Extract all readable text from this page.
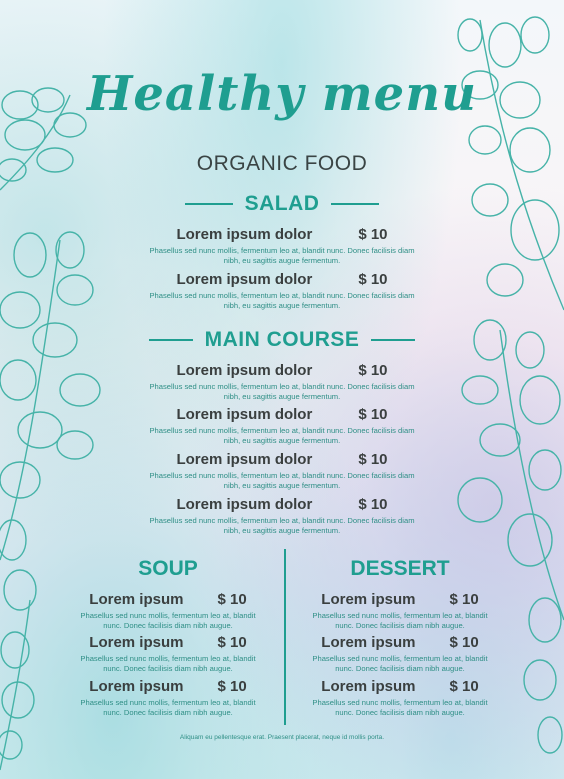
Healthy menu
ORGANIC FOOD
SALAD
Lorem ipsum dolor	$ 10
Phasellus sed nunc mollis, fermentum leo at, blandit nunc. Donec facilisis diam
nibh, eu sagittis augue fermentum.
Lorem ipsum dolor	$ 10
Phasellus sed nunc mollis, fermentum leo at, blandit nunc. Donec facilisis diam
nibh, eu sagittis augue fermentum.
MAIN COURSE
Lorem ipsum dolor	$ 10
Phasellus sed nunc mollis, fermentum leo at, blandit nunc. Donec facilisis diam
nibh, eu sagittis augue fermentum.
Lorem ipsum dolor	$ 10
Phasellus sed nunc mollis, fermentum leo at, blandit nunc. Donec facilisis diam
nibh, eu sagittis augue fermentum.
Lorem ipsum dolor	$ 10
Phasellus sed nunc mollis, fermentum leo at, blandit nunc. Donec facilisis diam
nibh, eu sagittis augue fermentum.
Lorem ipsum dolor	$ 10
Phasellus sed nunc mollis, fermentum leo at, blandit nunc. Donec facilisis diam
nibh, eu sagittis augue fermentum.
SOUP	DESSERT
Lorem ipsum $ 10
Phasellus sed nunc mollis, fermentum leo at, blandit
nunc. Donec facilisis diam nibh augue.
Lorem ipsum $ 10
Phasellus sed nunc mollis, fermentum leo at, blandit
nunc. Donec facilisis diam nibh augue.
Lorem ipsum $ 10
Phasellus sed nunc mollis, fermentum leo at, blandit
nunc. Donec facilisis diam nibh augue.
Lorem ipsum $ 10
Phasellus sed nunc mollis, fermentum leo at, blandit
nunc. Donec facilisis diam nibh augue.
Lorem ipsum $ 10
Phasellus sed nunc mollis, fermentum leo at, blandit
nunc. Donec facilisis diam nibh augue.
Lorem ipsum $ 10
Phasellus sed nunc mollis, fermentum leo at, blandit
nunc. Donec facilisis diam nibh augue.
Aliquam eu pellentesque erat. Praesent placerat, neque id mollis porta.
